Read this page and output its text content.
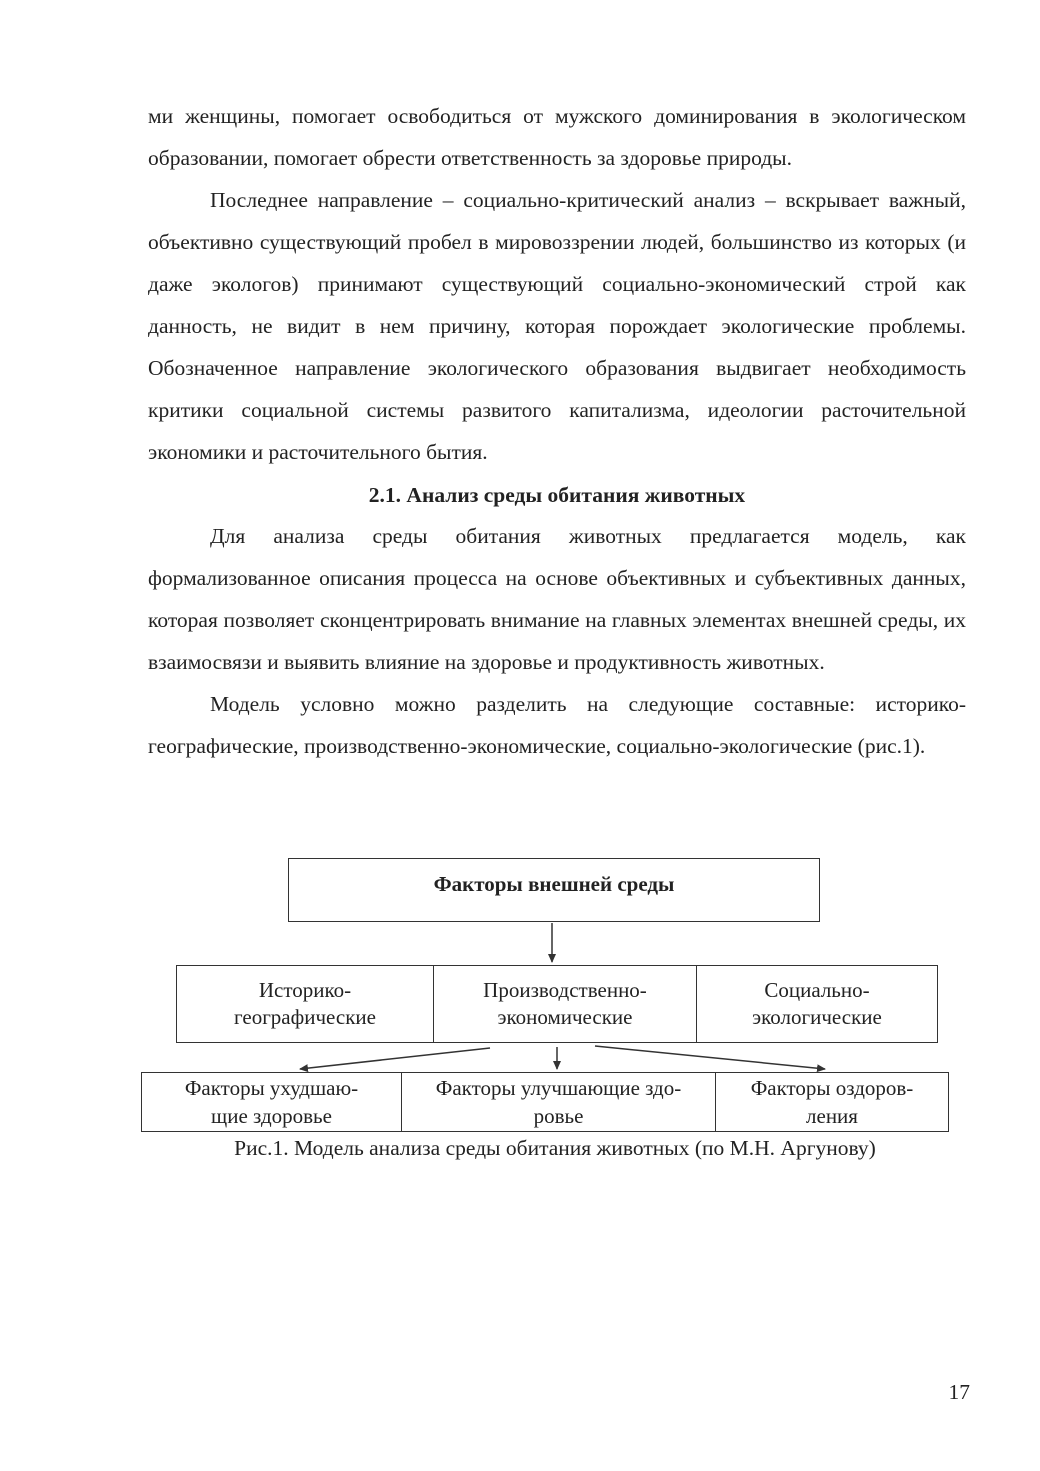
ми женщины, помогает освободиться от мужского доминирования в экологическом образовании, помогает обрести ответственность за здоровье природы.

Последнее направление – социально-критический анализ – вскрывает важный, объективно существующий пробел в мировоззрении людей, большинство из которых (и даже экологов) принимают существующий социально-экономический строй как данность, не видит в нем причину, которая порождает экологические проблемы. Обозначенное направление экологического образования выдвигает необходимость критики социальной системы развитого капитализма, идеологии расточительной экономики и расточительного бытия.

2.1. Анализ среды обитания животных

Для анализа среды обитания животных предлагается модель, как формализованное описания процесса на основе объективных и субъективных данных, которая позволяет сконцентрировать внимание на главных элементах внешней среды, их взаимосвязи и выявить влияние на здоровье и продуктивность животных.

Модель условно можно разделить на следующие составные: историко-географические, производственно-экономические, социально-экологические (рис.1).

Факторы внешней среды
Историко-
географические
Производственно-
экономические
Социально-
экологические
Факторы ухудшаю-
щие здоровье
Факторы улучшающие здо-
ровье
Факторы оздоров-
ления
Рис.1. Модель анализа среды обитания животных (по М.Н. Аргунову)
17
